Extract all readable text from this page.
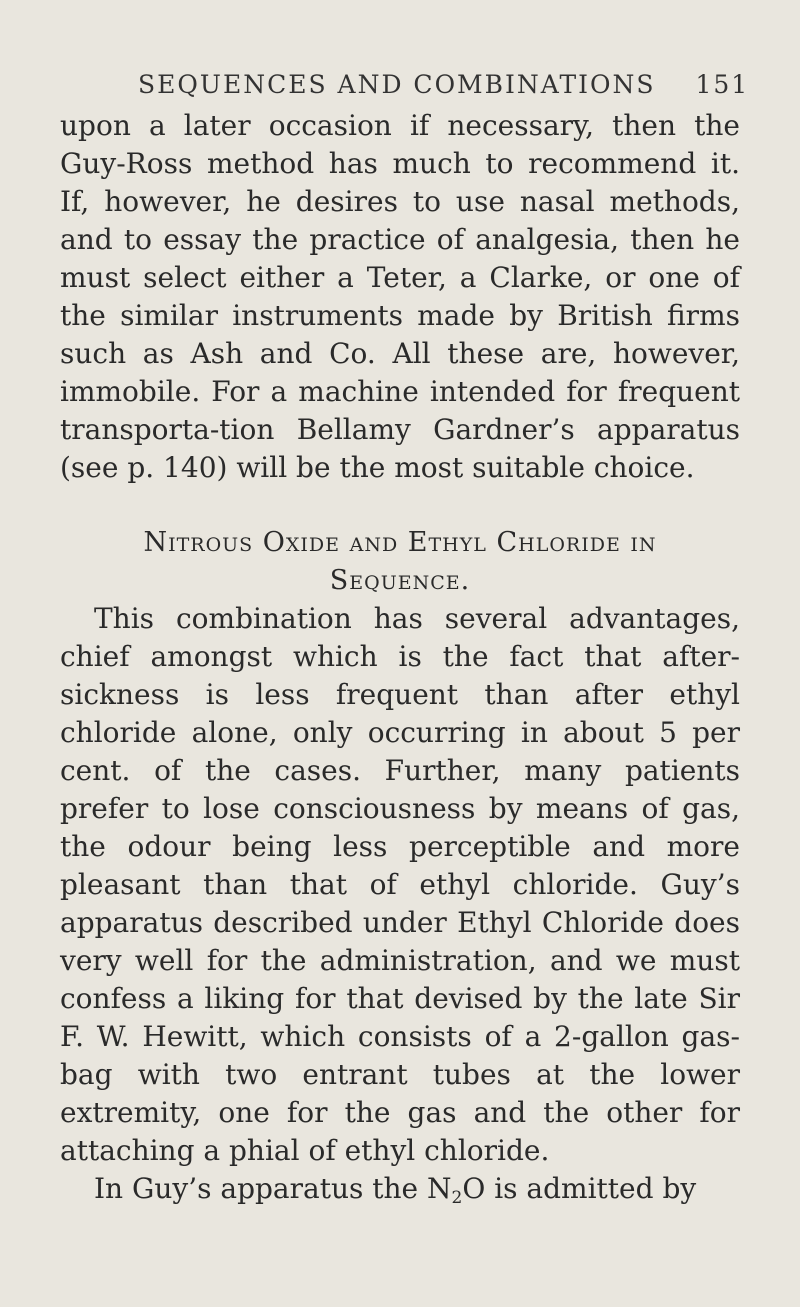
SEQUENCES AND COMBINATIONS 151

upon a later occasion if necessary, then the Guy-Ross method has much to recommend it. If, however, he desires to use nasal methods, and to essay the practice of analgesia, then he must select either a Teter, a Clarke, or one of the similar instruments made by British firms such as Ash and Co. All these are, however, immobile. For a machine intended for frequent transporta-tion Bellamy Gardner’s apparatus (see p. 140) will be the most suitable choice.

Nitrous Oxide and Ethyl Chloride in
Sequence.

This combination has several advantages, chief amongst which is the fact that after-sickness is less frequent than after ethyl chloride alone, only occurring in about 5 per cent. of the cases. Further, many patients prefer to lose consciousness by means of gas, the odour being less perceptible and more pleasant than that of ethyl chloride. Guy’s apparatus described under Ethyl Chloride does very well for the administration, and we must confess a liking for that devised by the late Sir F. W. Hewitt, which consists of a 2-gallon gas-bag with two entrant tubes at the lower extremity, one for the gas and the other for attaching a phial of ethyl chloride.

In Guy’s apparatus the $N_2O$ is admitted by
